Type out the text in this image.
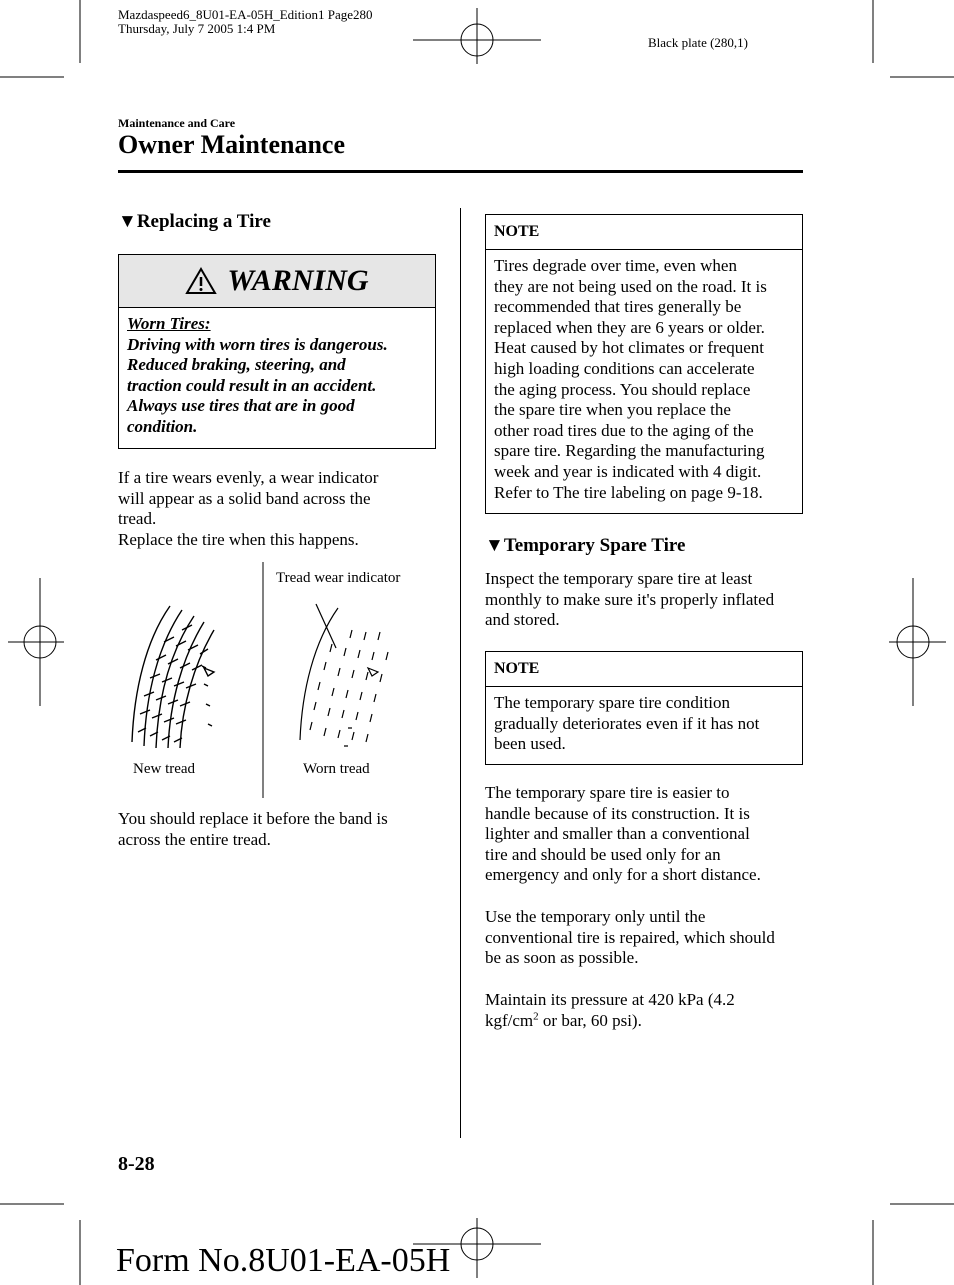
Mazdaspeed6_8U01-EA-05H_Edition1 Page280
Thursday, July 7 2005 1:4 PM
Black plate (280,1)
Maintenance and Care
Owner Maintenance
▼Replacing a Tire
WARNING
Worn Tires:
Driving with worn tires is dangerous.
Reduced braking, steering, and
traction could result in an accident.
Always use tires that are in good
condition.
If a tire wears evenly, a wear indicator
will appear as a solid band across the
tread.
Replace the tire when this happens.
Tread wear indicator
New tread	Worn tread
You should replace it before the band is
across the entire tread.
NOTE
Tires degrade over time, even when
they are not being used on the road. It is
recommended that tires generally be
replaced when they are 6 years or older.
Heat caused by hot climates or frequent
high loading conditions can accelerate
the aging process. You should replace
the spare tire when you replace the
other road tires due to the aging of the
spare tire. Regarding the manufacturing
week and year is indicated with 4 digit.
Refer to The tire labeling on page 9-18.
▼Temporary Spare Tire
Inspect the temporary spare tire at least
monthly to make sure it's properly inflated
and stored.
NOTE
The temporary spare tire condition
gradually deteriorates even if it has not
been used.
The temporary spare tire is easier to
handle because of its construction. It is
lighter and smaller than a conventional
tire and should be used only for an
emergency and only for a short distance.
Use the temporary only until the
conventional tire is repaired, which should
be as soon as possible.
Maintain its pressure at 420 kPa (4.2
kgf/$cm^2$ or bar, 60 psi).
8-28
Form No.8U01-EA-05H
